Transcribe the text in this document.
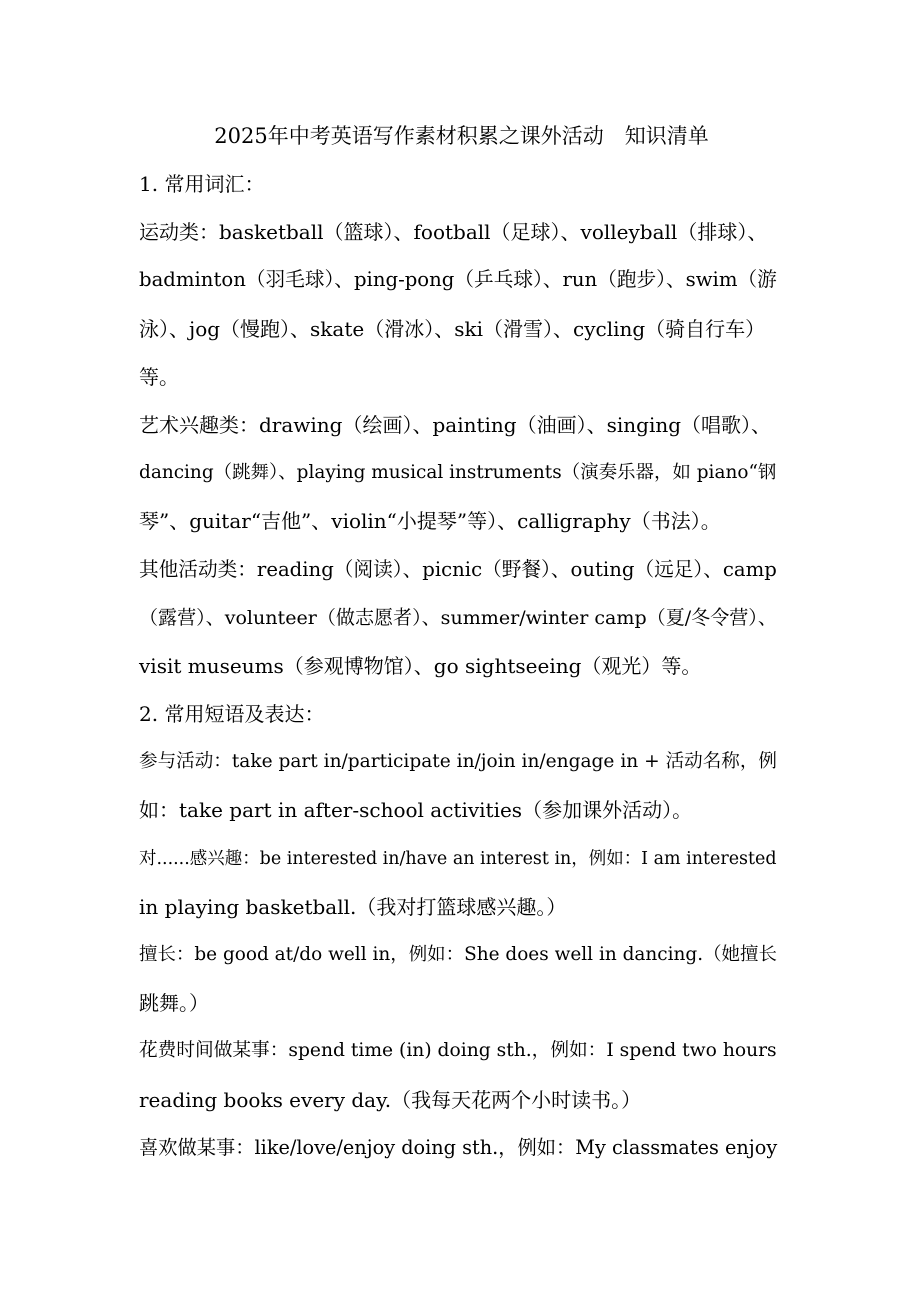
2025年中考英语写作素材积累之课外活动　知识清单

1. 常用词汇：

运动类：basketball（篮球）、football（足球）、volleyball（排球）、

badminton（羽毛球）、ping-pong（乒乓球）、run（跑步）、swim（游

泳）、jog（慢跑）、skate（滑冰）、ski（滑雪）、cycling（骑自行车）

等。

艺术兴趣类：drawing（绘画）、painting（油画）、singing（唱歌）、

dancing（跳舞）、playing musical instruments（演奏乐器，如 piano“钢

琴”、guitar“吉他”、violin“小提琴”等）、calligraphy（书法）。

其他活动类：reading（阅读）、picnic（野餐）、outing（远足）、camp

（露营）、volunteer（做志愿者）、summer/winter camp（夏/冬令营）、

visit museums（参观博物馆）、go sightseeing（观光）等。

2. 常用短语及表达：

参与活动：take part in/participate in/join in/engage in + 活动名称，例

如：take part in after-school activities（参加课外活动）。

对......感兴趣：be interested in/have an interest in，例如：I am interested

in playing basketball.（我对打篮球感兴趣。）

擅长：be good at/do well in，例如：She does well in dancing.（她擅长

跳舞。）

花费时间做某事：spend time (in) doing sth.，例如：I spend two hours

reading books every day.（我每天花两个小时读书。）

喜欢做某事：like/love/enjoy doing sth.，例如：My classmates enjoy
